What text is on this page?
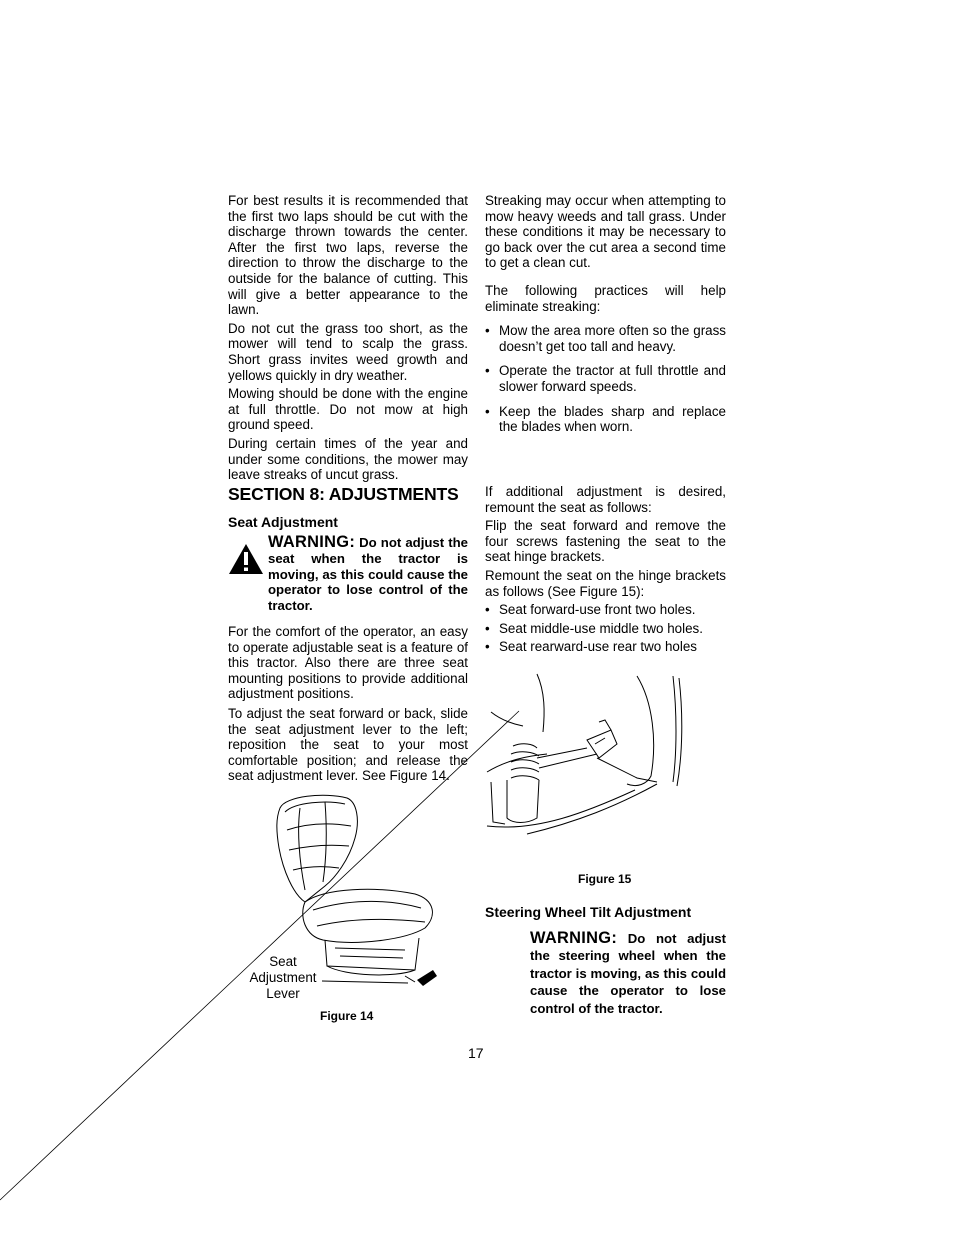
For best results it is recommended that the first two laps should be cut with the discharge thrown towards the center. After the first two laps, reverse the direction to throw the discharge to the outside for the balance of cutting. This will give a better appearance to the lawn.

Do not cut the grass too short, as the mower will tend to scalp the grass. Short grass invites weed growth and yellows quickly in dry weather.

Mowing should be done with the engine at full throttle. Do not mow at high ground speed.

During certain times of the year and under some conditions, the mower may leave streaks of uncut grass.

Streaking may occur when attempting to mow heavy weeds and tall grass. Under these conditions it may be necessary to go back over the cut area a second time to get a clean cut.

The following practices will help eliminate streaking:

• Mow the area more often so the grass doesn’t get too tall and heavy.
• Operate the tractor at full throttle and slower forward speeds.
• Keep the blades sharp and replace the blades when worn.
SECTION 8: ADJUSTMENTS
Seat Adjustment
WARNING: Do not adjust the seat when the tractor is moving, as this could cause the operator to lose control of the tractor.

For the comfort of the operator, an easy to operate adjustable seat is a feature of this tractor. Also there are three seat mounting positions to provide additional adjustment positions.

To adjust the seat forward or back, slide the seat adjustment lever to the left; reposition the seat to your most comfortable position; and release the seat adjustment lever. See Figure 14.

If additional adjustment is desired, remount the seat as follows:

Flip the seat forward and remove the four screws fastening the seat to the seat hinge brackets.

Remount the seat on the hinge brackets as follows (See Figure 15):

• Seat forward-use front two holes.
• Seat middle-use middle two holes.
• Seat rearward-use rear two holes
Seat
Adjustment
Lever
Figure 14
Figure 15
Steering Wheel Tilt Adjustment
WARNING: Do not adjust the steering wheel when the tractor is moving, as this could cause the operator to lose control of the tractor.
17
